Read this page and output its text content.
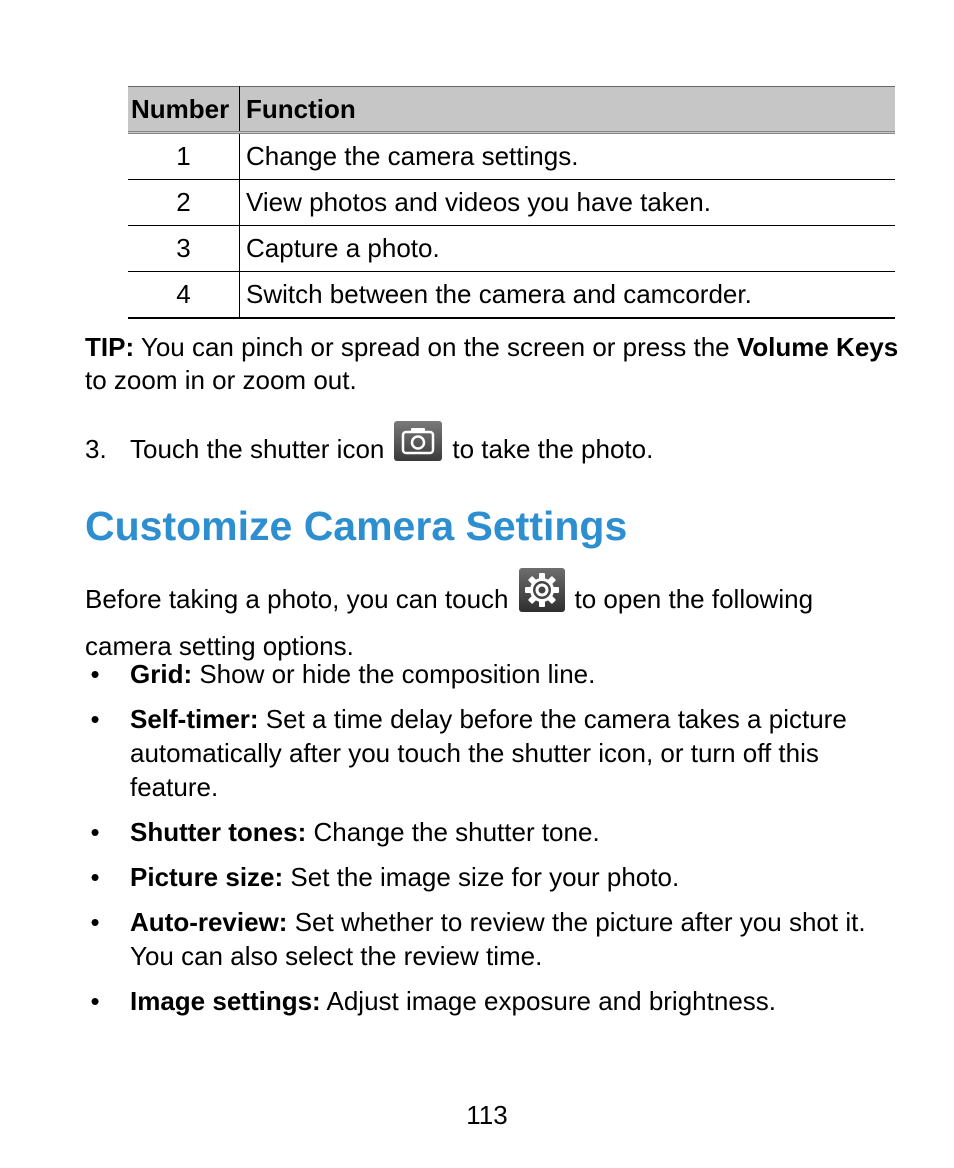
Number	Function
1	Change the camera settings.
2	View photos and videos you have taken.
3	Capture a photo.
4	Switch between the camera and camcorder.

TIP: You can pinch or spread on the screen or press the Volume Keys to zoom in or zoom out.

3. Touch the shutter icon	to take the photo.

Customize Camera Settings

Before taking a photo, you can touch	to open the following camera setting options.

• Grid: Show or hide the composition line.
• Self-timer: Set a time delay before the camera takes a picture automatically after you touch the shutter icon, or turn off this feature.
• Shutter tones: Change the shutter tone.
• Picture size: Set the image size for your photo.
• Auto-review: Set whether to review the picture after you shot it. You can also select the review time.
• Image settings: Adjust image exposure and brightness.
113
